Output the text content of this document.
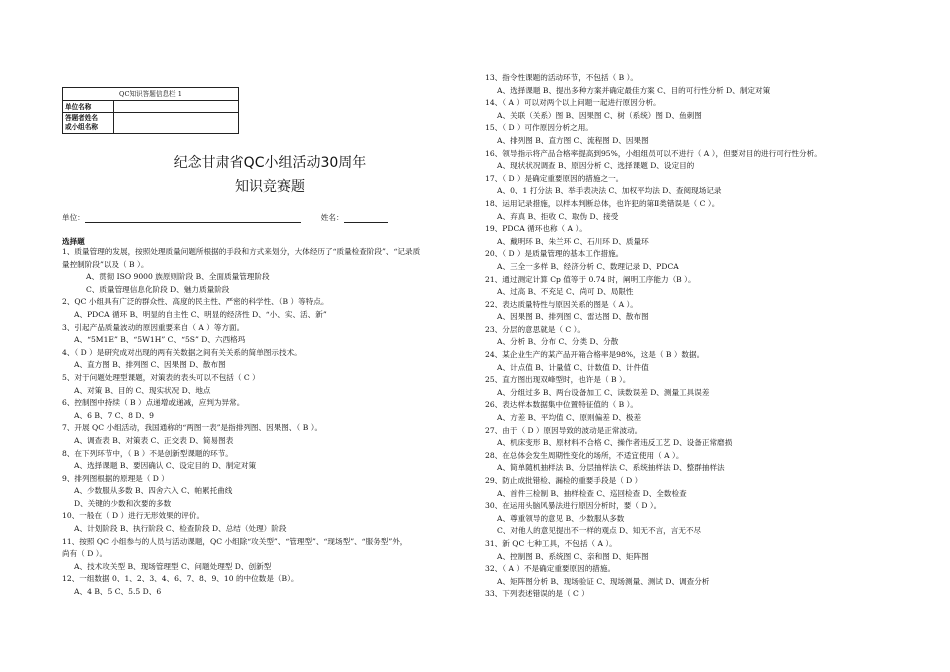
QC知识答题信息栏 1	
单位名称	
答题者姓名
或小组名称	
纪念甘肃省QC小组活动30周年
知识竞赛题
单位：	姓名：
选择题
1、质量管理的发展，按照处理质量问题所根据的手段和方式来划分，大体经历了“质量检查阶段”、“记录质
量控制阶段”以及（ B ）。
A、贯彻 ISO 9000 族原则阶段 B、全面质量管理阶段
C、质量管理信息化阶段 D、魅力质量阶段
2、QC 小组具有广泛的群众性、高度的民主性、严密的科学性、（B ）等特点。
A、PDCA 循环 B、明显的自主性 C、明显的经济性 D、“小、实、活、新”
3、引起产品质量波动的原因重要来自（ A ）等方面。
A、“5M1E” B、“5W1H” C、“5S” D、六西格玛
4、（ D ）是研究成对出现的两有关数据之间有关关系的简单图示技术。
A、直方图 B、排列图 C、因果图 D、散布图
5、对于问题处理型课题，对策表的表头可以不包括（ C ）
A、对策 B、目的 C、现实状况 D、地点
6、控制图中持续（ B ）点递增或递减，应判为异常。
A、6 B、7 C、8 D、9
7、开展 QC 小组活动，我国通称的“两图一表”是指排列图、因果图、（ B ）。
A、调查表 B、对策表 C、正交表 D、简易图表
8、在下列环节中，（ B ）不是创新型课题的环节。
A、选择课题 B、要因确认 C、设定目的 D、制定对策
9、排列图根据的原理是（ D ）
A、少数服从多数 B、四舍六入 C、帕累托曲线
D、关键的少数和次要的多数
10、一般在（ D ）进行无形效果的评价。
A、计划阶段 B、执行阶段 C、检查阶段 D、总结（处理）阶段
11、按照 QC 小组参与的人员与活动课题，QC 小组除“攻关型”、“管理型”、“现场型”、“服务型”外，
尚有（ D ）。
A、技术攻关型 B、现场管理型 C、问题处理型 D、创新型
12、一组数据 0、1、2、3、4、6、7、8、9、10 的中位数是（B）。
A、4 B、5 C、5.5 D、6
13、指令性课题的活动环节，不包括（ B ）。
A、选择课题 B、提出多种方案并确定最佳方案 C、目的可行性分析 D、制定对策
14、（ A ）可以对两个以上问题一起进行原因分析。
A、关联（关系）图 B、因果图 C、树（系统）图 D、鱼刺图
15、（ D ）可作原因分析之用。
A、排列图 B、直方图 C、流程图 D、因果图
16、领导指示将产品合格率提高到95%，小组组员可以不进行（ A ），但要对目的进行可行性分析。
A、现状状况调查 B、原因分析 C、选择课题 D、设定目的
17、（ D ）是确定重要原因的措施之一。
A、0、1 打分法 B、举手表决法 C、加权平均法 D、查阅现场记录
18、运用记录措施，以样本判断总体，也许犯的第Ⅱ类错误是（ C ）。
A、弃真 B、拒收 C、取伪 D、接受
19、PDCA 循环也称（ A ）。
A、戴明环 B、朱兰环 C、石川环 D、质量环
20、（ D ）是质量管理的基本工作措施。
A、三全一多样 B、经济分析 C、数理记录 D、PDCA
21、通过测定计算 Cp 值等于 0.74 时，阐明工序能力（B ）。
A、过高 B、不充足 C、尚可 D、局限性
22、表达质量特性与原因关系的图是（ A ）。
A、因果图 B、排列图 C、雷达图 D、散布图
23、分层的意思就是（ C ）。
A、分析 B、分布 C、分类 D、分散
24、某企业生产的某产品开箱合格率是98%，这是（ B ）数据。
A、计点值 B、计量值 C、计数值 D、计件值
25、直方图出现双峰型时，也许是（ B ）。
A、分组过多 B、两台设备加工 C、读数误差 D、测量工具误差
26、表达样本数据集中位置特征值的（ B ）。
A、方差 B、平均值 C、原则偏差 D、极差
27、由于（ D ）原因导致的波动是正常波动。
A、机床变形 B、原材料不合格 C、操作者违反工艺 D、设备正常磨损
28、在总体会发生周期性变化的场所，不适宜使用（ A ）。
A、简单随机抽样法 B、分层抽样法 C、系统抽样法 D、整群抽样法
29、防止成批错检、漏检的重要手段是（ D ）
A、首件三检制 B、抽样检查 C、巡回检查 D、全数检查
30、在运用头脑风暴法进行原因分析时，要（ D ）。
A、尊重领导的意见 B、少数服从多数
C、对他人的意见提出不一样的观点 D、知无不言，言无不尽
31、新 QC 七种工具，不包括（ A ）。
A、控制图 B、系统图 C、亲和图 D、矩阵图
32、（ A ）不是确定重要原因的措施。
A、矩阵图分析 B、现场验证 C、现场测量、测试 D、调查分析
33、下列表述错误的是（ C ）
